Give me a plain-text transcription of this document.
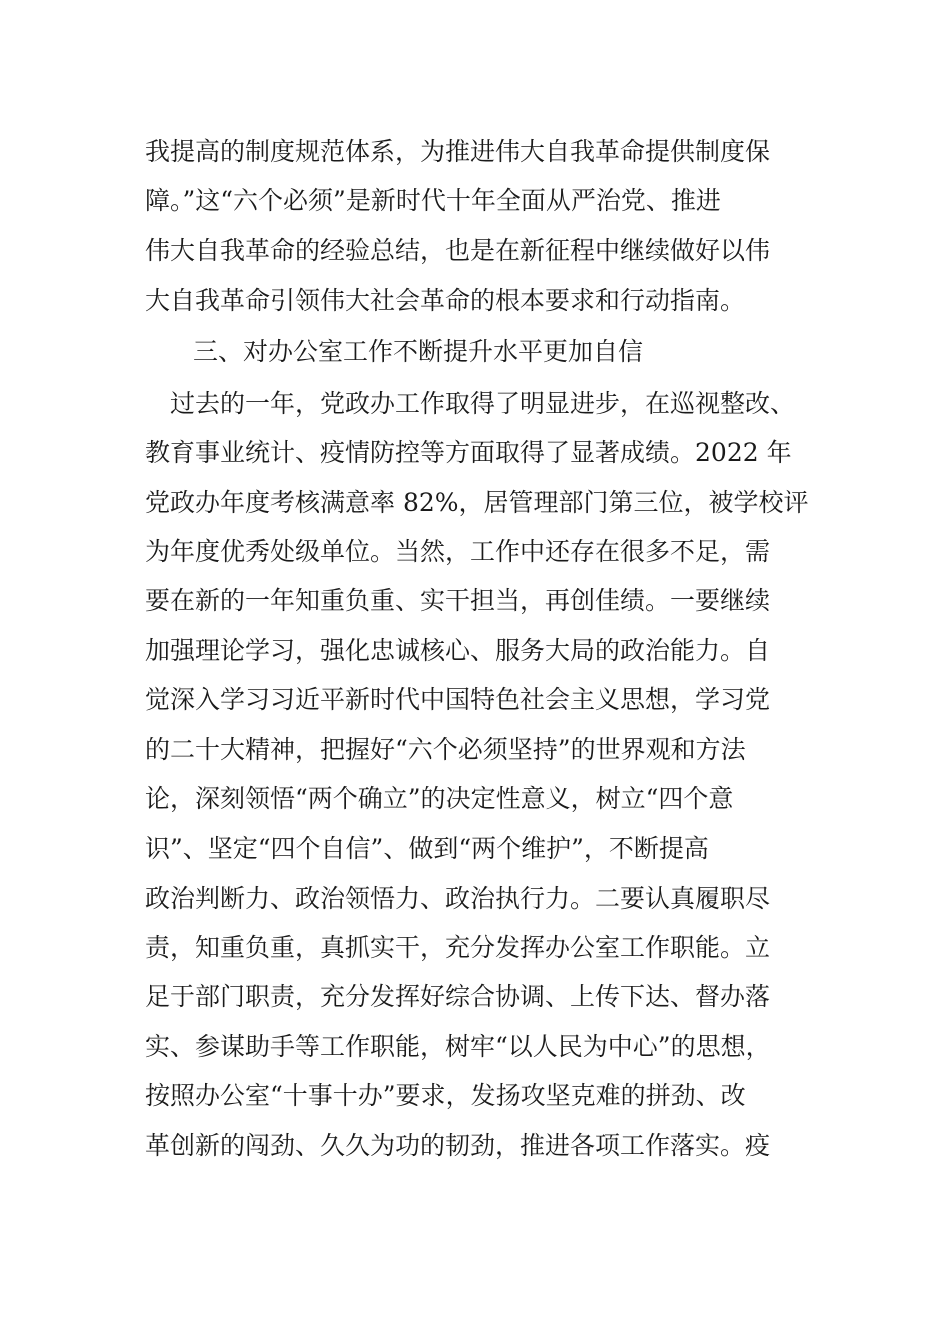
我提高的制度规范体系，为推进伟大自我革命提供制度保
障。”这“六个必须”是新时代十年全面从严治党、推进
伟大自我革命的经验总结，也是在新征程中继续做好以伟
大自我革命引领伟大社会革命的根本要求和行动指南。
三、对办公室工作不断提升水平更加自信
　过去的一年，党政办工作取得了明显进步，在巡视整改、
教育事业统计、疫情防控等方面取得了显著成绩。2022 年
党政办年度考核满意率 82%，居管理部门第三位，被学校评
为年度优秀处级单位。当然，工作中还存在很多不足，需
要在新的一年知重负重、实干担当，再创佳绩。一要继续
加强理论学习，强化忠诚核心、服务大局的政治能力。自
觉深入学习习近平新时代中国特色社会主义思想，学习党
的二十大精神，把握好“六个必须坚持”的世界观和方法
论，深刻领悟“两个确立”的决定性意义，树立“四个意
识”、坚定“四个自信”、做到“两个维护”，不断提高
政治判断力、政治领悟力、政治执行力。二要认真履职尽
责，知重负重，真抓实干，充分发挥办公室工作职能。立
足于部门职责，充分发挥好综合协调、上传下达、督办落
实、参谋助手等工作职能，树牢“以人民为中心”的思想，
按照办公室“十事十办”要求，发扬攻坚克难的拼劲、改
革创新的闯劲、久久为功的韧劲，推进各项工作落实。疫
